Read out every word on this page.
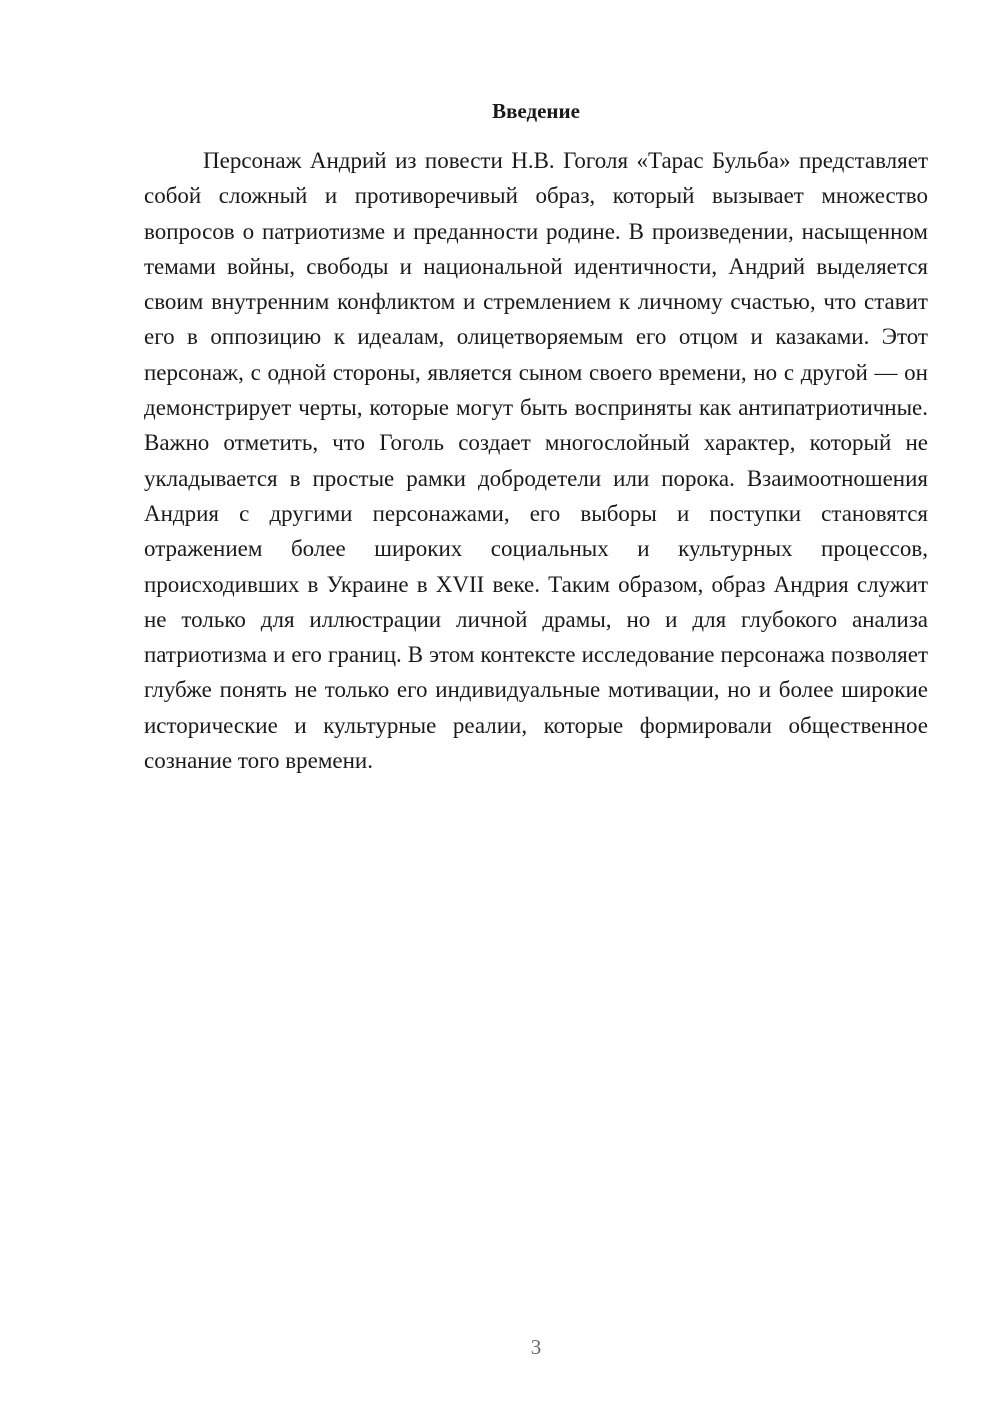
Введение

Персонаж Андрий из повести Н.В. Гоголя «Тарас Бульба» представляет собой сложный и противоречивый образ, который вызывает множество вопросов о патриотизме и преданности родине. В произведении, насыщенном темами войны, свободы и национальной идентичности, Андрий выделяется своим внутренним конфликтом и стремлением к личному счастью, что ставит его в оппозицию к идеалам, олицетворяемым его отцом и казаками. Этот персонаж, с одной стороны, является сыном своего времени, но с другой — он демонстрирует черты, которые могут быть восприняты как антипатриотичные. Важно отметить, что Гоголь создает многослойный характер, который не укладывается в простые рамки добродетели или порока. Взаимоотношения Андрия с другими персонажами, его выборы и поступки становятся отражением более широких социальных и культурных процессов, происходивших в Украине в XVII веке. Таким образом, образ Андрия служит не только для иллюстрации личной драмы, но и для глубокого анализа патриотизма и его границ. В этом контексте исследование персонажа позволяет глубже понять не только его индивидуальные мотивации, но и более широкие исторические и культурные реалии, которые формировали общественное сознание того времени.

3
